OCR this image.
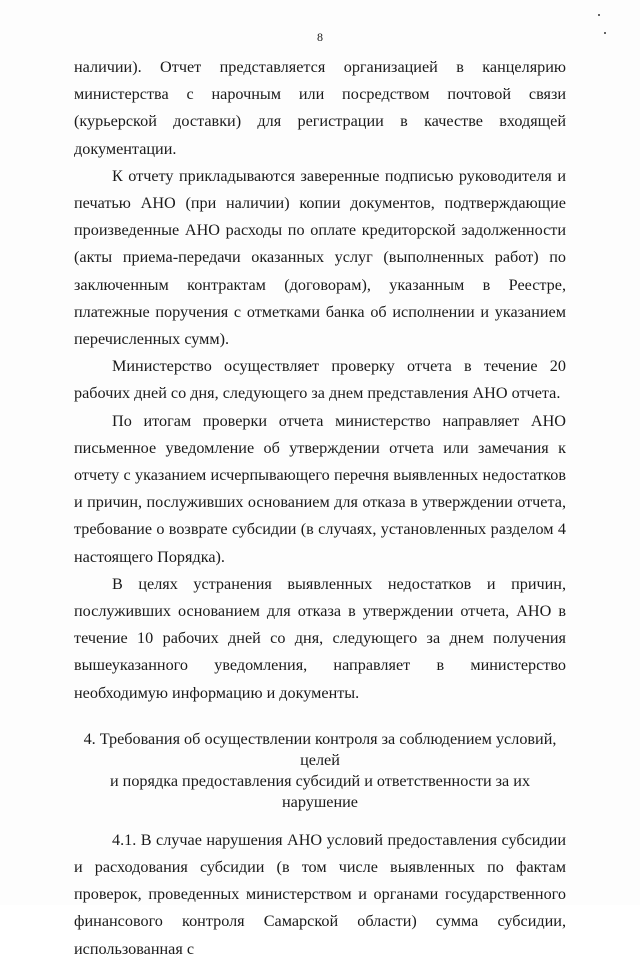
8

наличии). Отчет представляется организацией в канцелярию министерства с нарочным или посредством почтовой связи (курьерской доставки) для регистрации в качестве входящей документации.

К отчету прикладываются заверенные подписью руководителя и печатью АНО (при наличии) копии документов, подтверждающие произведенные АНО расходы по оплате кредиторской задолженности (акты приема-передачи оказанных услуг (выполненных работ) по заключенным контрактам (договорам), указанным в Реестре, платежные поручения с отметками банка об исполнении и указанием перечисленных сумм).

Министерство осуществляет проверку отчета в течение 20 рабочих дней со дня, следующего за днем представления АНО отчета.

По итогам проверки отчета министерство направляет АНО письменное уведомление об утверждении отчета или замечания к отчету с указанием исчерпывающего перечня выявленных недостатков и причин, послуживших основанием для отказа в утверждении отчета, требование о возврате субсидии (в случаях, установленных разделом 4 настоящего Порядка).

В целях устранения выявленных недостатков и причин, послуживших основанием для отказа в утверждении отчета, АНО в течение 10 рабочих дней со дня, следующего за днем получения вышеуказанного уведомления, направляет в министерство необходимую информацию и документы.

4. Требования об осуществлении контроля за соблюдением условий, целей
и порядка предоставления субсидий и ответственности за их нарушение

4.1. В случае нарушения АНО условий предоставления субсидии и расходования субсидии (в том числе выявленных по фактам проверок, проведенных министерством и органами государственного финансового контроля Самарской области) сумма субсидии, использованная с
